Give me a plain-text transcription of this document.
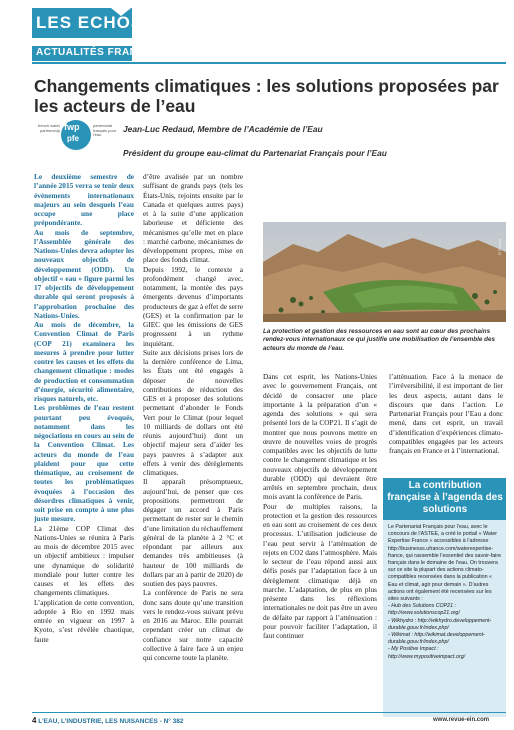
LES ECHOS
ACTUALITÉS FRANCE
Changements climatiques : les solutions proposées par les acteurs de l’eau
french water partnership fwp
pfe
partenariat français pour l'eau
Jean-Luc Redaud, Membre de l’Académie de l’Eau
Président du groupe eau-climat du Partenariat Français pour l’Eau

Le deuxième semestre de l’année 2015 verra se tenir deux événements internationaux majeurs au sein desquels l’eau occupe une place prépondérante.

Au mois de septembre, l’Assemblée générale des Nations-Unies devra adopter les nouveaux objectifs de développement (ODD). Un objectif « eau » figure parmi les 17 objectifs de développement durable qui seront proposés à l’approbation prochaine des Nations-Unies.

Au mois de décembre, la Convention Climat de Paris (COP 21) examinera les mesures à prendre pour lutter contre les causes et les effets du changement climatique : modes de production et consommation d’énergie, sécurité alimentaire, risques naturels, etc.

Les problèmes de l’eau restent pourtant peu évoqués, notamment dans les négociations en cours au sein de la Convention Climat. Les acteurs du monde de l’eau plaident pour que cette thématique, au croisement de toutes les problématiques évoquées à l’occasion des désordres climatiques à venir, soit prise en compte à une plus juste mesure.

La 21ème COP Climat des Nations-Unies se réunira à Paris au mois de décembre 2015 avec un objectif ambitieux : impulser une dynamique de solidarité mondiale pour lutter contre les causes et les effets des changements climatiques.

L’application de cette convention, adoptée à Rio en 1992 mais entrée en vigueur en 1997 à Kyoto, s’est révélée chaotique, faute

d’être avalisée par un nombre suffisant de grands pays (tels les États-Unis, rejoints ensuite par le Canada et quelques autres pays) et à la suite d’une application laborieuse et déficiente des mécanismes qu’elle met en place : marché carbone, mécanismes de développement propres, mise en place des fonds climat.

Depuis 1992, le contexte a profondément changé avec, notamment, la montée des pays émergents devenus d’importants producteurs de gaz à effet de serre (GES) et la confirmation par le GIEC que les émissions de GES progressent à un rythme inquiétant.

Suite aux décisions prises lors de la dernière conférence de Lima, les États ont été engagés à déposer de nouvelles contributions de réduction des GES et à proposer des solutions permettant d’abonder le Fonds Vert pour le Climat (pour lequel 10 milliards de dollars ont été réunis aujourd’hui) dont un objectif majeur sera d’aider les pays pauvres à s’adapter aux effets à venir des dérèglements climatiques.

Il apparaît présomptueux, aujourd’hui, de penser que ces propositions permettront de dégager un accord à Paris permettant de rester sur le chemin d’une limitation du réchauffement général de la planète à 2 °C et répondant par ailleurs aux demandes très ambitieuses (à hauteur de 100 milliards de dollars par an à partir de 2020) de soutien des pays pauvres.

La conférence de Paris ne sera donc sans doute qu’une transition vers le rendez-vous suivant prévu en 2016 au Maroc. Elle pourrait cependant créer un climat de confiance sur notre capacité collective à faire face à un enjeu qui concerne toute la planète.

© Fotolia
La protection et gestion des ressources en eau sont au cœur des prochains rendez-vous internationaux ce qui justifie une mobilisation de l’ensemble des acteurs du monde de l’eau.

Dans cet esprit, les Nations-Unies avec le gouvernement Français, ont décidé de consacrer une place importante à la préparation d’un « agenda des solutions » qui sera présenté lors de la COP21. Il s’agit de montrer que nous pouvons mettre en œuvre de nouvelles voies de progrès compatibles avec les objectifs de lutte contre le changement climatique et les nouveaux objectifs de développement durable (ODD) qui devraient être arrêtés en septembre prochain, deux mois avant la conférence de Paris.

Pour de multiples raisons, la protection et la gestion des ressources en eau sont au croisement de ces deux processus. L’utilisation judicieuse de l’eau peut servir à l’atténuation de rejets en CO2 dans l’atmosphère. Mais le secteur de l’eau répond aussi aux défis posés par l’adaptation face à un dérèglement climatique déjà en marche. L’adaptation, de plus en plus présente dans les réflexions internationales ne doit pas être un aveu de défaite par rapport à l’atténuation : pour pouvoir faciliter l’adaptation, il faut continuer

l’atténuation. Face à la menace de l’irréversibilité, il est important de lier les deux aspects, autant dans le discours que dans l’action. Le Partenariat Français pour l’Eau a donc mené, dans cet esprit, un travail d’identification d’expériences climato-compatibles engagées par les acteurs français en France et à l’international.

La contribution française à l’agenda des solutions
Le Partenariat Français pour l’eau, avec le concours de l’ASTEE, a créé le portail « Water Expertise France » accessibles à l’adresse http://businesss.ufrance.com/waterexpertise-france, qui rassemble l’essentiel des savoir-faire français dans le domaine de l’eau. On trouvera sur ce site la plupart des actions climato-compatibles recensées dans la publication « Eau et climat, agir pour demain ». D’autres actions ont également été recensées sur les sites suivants :
- Hub des Solutions COP21 : http://www.solutionscop21.org/
- Wikhydro : http://wikhydro.developpement-durable.gouv.fr/index.php/
- Wikimat : http://wikimat.developpement-durable.gouv.fr/index.php/
- My Positive Impact : http://www.mypositiveimpact.org/
4 L’EAU, L’INDUSTRIE, LES NUISANCES - N° 382	www.revue-ein.com
